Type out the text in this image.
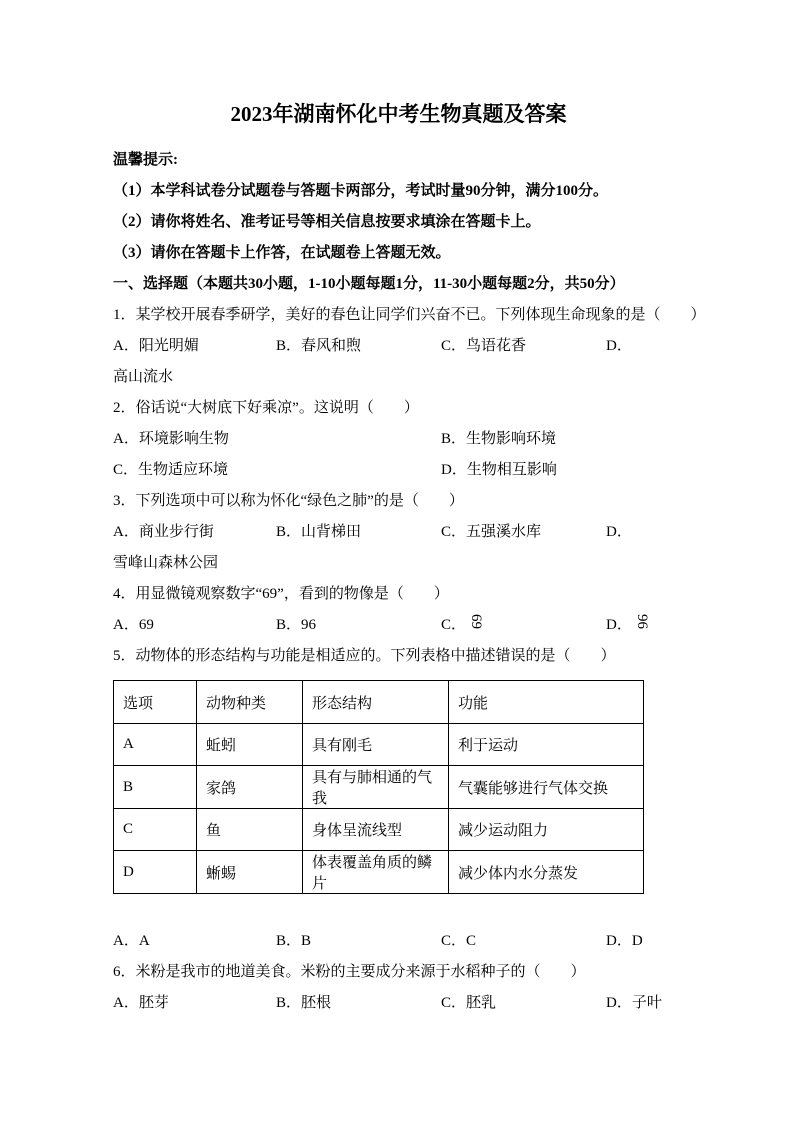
2023年湖南怀化中考生物真题及答案

温馨提示:

（1）本学科试卷分试题卷与答题卡两部分，考试时量90分钟，满分100分。

（2）请你将姓名、准考证号等相关信息按要求填涂在答题卡上。

（3）请你在答题卡上作答，在试题卷上答题无效。

一、选择题（本题共30小题，1-10小题每题1分，11-30小题每题2分，共50分）

1．某学校开展春季研学，美好的春色让同学们兴奋不已。下列体现生命现象的是（　　）

A．阳光明媚	B．春风和煦	C．鸟语花香	D．

高山流水

2．俗话说“大树底下好乘凉”。这说明（　　）

A．环境影响生物	B．生物影响环境
C．生物适应环境	D．生物相互影响

3．下列选项中可以称为怀化“绿色之肺”的是（　　）

A．商业步行街	B．山背梯田	C．五强溪水库	D．

雪峰山森林公园

4．用显微镜观察数字“69”，看到的物像是（　　）

A．69	B．96	C． 69	D． 96

5．动物体的形态结构与功能是相适应的。下列表格中描述错误的是（　　）

选项	动物种类	形态结构	功能
A	蚯蚓	具有刚毛	利于运动
B	家鸽	具有与肺相通的气我	气囊能够进行气体交换
C	鱼	身体呈流线型	减少运动阻力
D	蜥蜴	体表覆盖角质的鳞片	减少体内水分蒸发
A．A	B．B	C．C	D．D

6．米粉是我市的地道美食。米粉的主要成分来源于水稻种子的（　　）

A．胚芽	B．胚根	C．胚乳	D．子叶
